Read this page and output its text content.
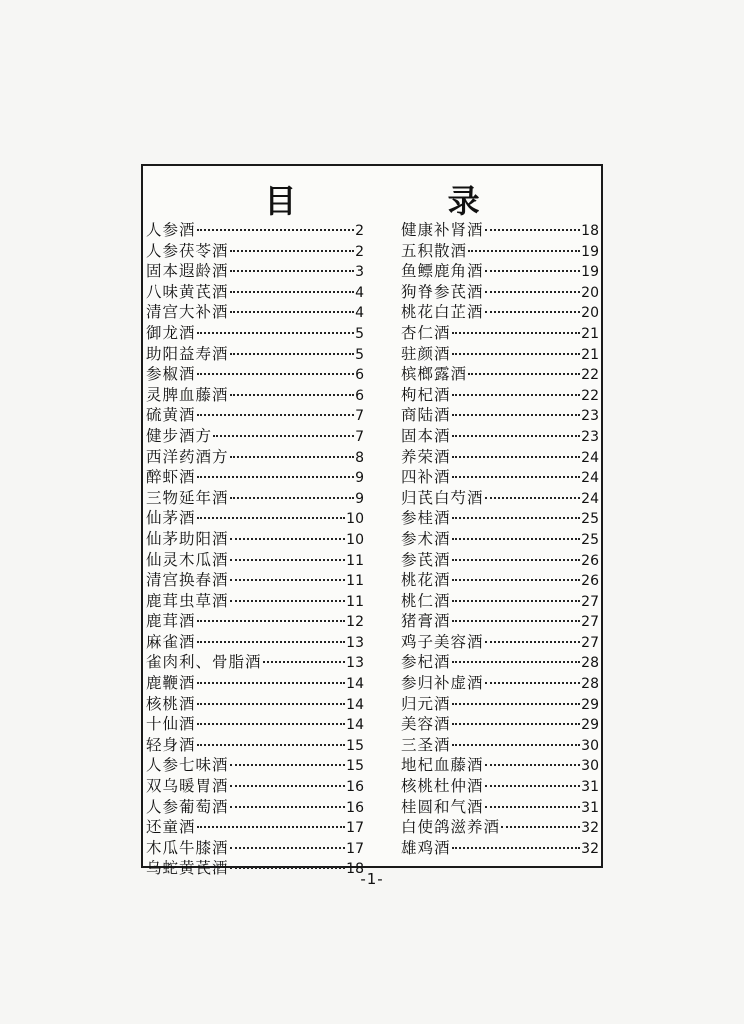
目 录
人参酒	2
人参茯苓酒	2
固本遐龄酒	3
八味黄芪酒	4
清宫大补酒	4
御龙酒	5
助阳益寿酒	5
参椒酒	6
灵脾血藤酒	6
硫黄酒	7
健步酒方	7
西洋药酒方	8
醉虾酒	9
三物延年酒	9
仙茅酒	10
仙茅助阳酒	10
仙灵木瓜酒	11
清宫换春酒	11
鹿茸虫草酒	11
鹿茸酒	12
麻雀酒	13
雀肉利、骨脂酒	13
鹿鞭酒	14
核桃酒	14
十仙酒	14
轻身酒	15
人参七味酒	15
双乌暖胃酒	16
人参葡萄酒	16
还童酒	17
木瓜牛膝酒	17
乌蛇黄芪酒	18
健康补肾酒	18
五积散酒	19
鱼鳔鹿角酒	19
狗脊参芪酒	20
桃花白芷酒	20
杏仁酒	21
驻颜酒	21
槟榔露酒	22
枸杞酒	22
商陆酒	23
固本酒	23
养荣酒	24
四补酒	24
归芪白芍酒	24
参桂酒	25
参术酒	25
参芪酒	26
桃花酒	26
桃仁酒	27
猪膏酒	27
鸡子美容酒	27
参杞酒	28
参归补虚酒	28
归元酒	29
美容酒	29
三圣酒	30
地杞血藤酒	30
核桃杜仲酒	31
桂圆和气酒	31
白使鸽滋养酒	32
雄鸡酒	32
-1-
